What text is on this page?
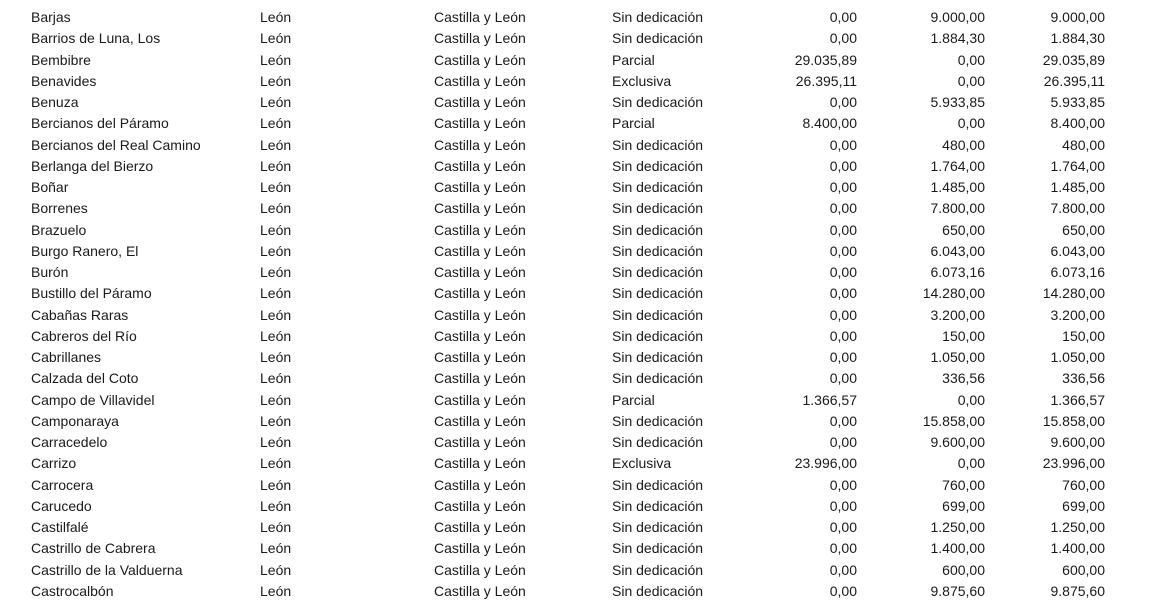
Barjas	León	Castilla y León	Sin dedicación	0,00	9.000,00	9.000,00
Barrios de Luna, Los	León	Castilla y León	Sin dedicación	0,00	1.884,30	1.884,30
Bembibre	León	Castilla y León	Parcial	29.035,89	0,00	29.035,89
Benavides	León	Castilla y León	Exclusiva	26.395,11	0,00	26.395,11
Benuza	León	Castilla y León	Sin dedicación	0,00	5.933,85	5.933,85
Bercianos del Páramo	León	Castilla y León	Parcial	8.400,00	0,00	8.400,00
Bercianos del Real Camino	León	Castilla y León	Sin dedicación	0,00	480,00	480,00
Berlanga del Bierzo	León	Castilla y León	Sin dedicación	0,00	1.764,00	1.764,00
Boñar	León	Castilla y León	Sin dedicación	0,00	1.485,00	1.485,00
Borrenes	León	Castilla y León	Sin dedicación	0,00	7.800,00	7.800,00
Brazuelo	León	Castilla y León	Sin dedicación	0,00	650,00	650,00
Burgo Ranero, El	León	Castilla y León	Sin dedicación	0,00	6.043,00	6.043,00
Burón	León	Castilla y León	Sin dedicación	0,00	6.073,16	6.073,16
Bustillo del Páramo	León	Castilla y León	Sin dedicación	0,00	14.280,00	14.280,00
Cabañas Raras	León	Castilla y León	Sin dedicación	0,00	3.200,00	3.200,00
Cabreros del Río	León	Castilla y León	Sin dedicación	0,00	150,00	150,00
Cabrillanes	León	Castilla y León	Sin dedicación	0,00	1.050,00	1.050,00
Calzada del Coto	León	Castilla y León	Sin dedicación	0,00	336,56	336,56
Campo de Villavidel	León	Castilla y León	Parcial	1.366,57	0,00	1.366,57
Camponaraya	León	Castilla y León	Sin dedicación	0,00	15.858,00	15.858,00
Carracedelo	León	Castilla y León	Sin dedicación	0,00	9.600,00	9.600,00
Carrizo	León	Castilla y León	Exclusiva	23.996,00	0,00	23.996,00
Carrocera	León	Castilla y León	Sin dedicación	0,00	760,00	760,00
Carucedo	León	Castilla y León	Sin dedicación	0,00	699,00	699,00
Castilfalé	León	Castilla y León	Sin dedicación	0,00	1.250,00	1.250,00
Castrillo de Cabrera	León	Castilla y León	Sin dedicación	0,00	1.400,00	1.400,00
Castrillo de la Valduerna	León	Castilla y León	Sin dedicación	0,00	600,00	600,00
Castrocalbón	León	Castilla y León	Sin dedicación	0,00	9.875,60	9.875,60
